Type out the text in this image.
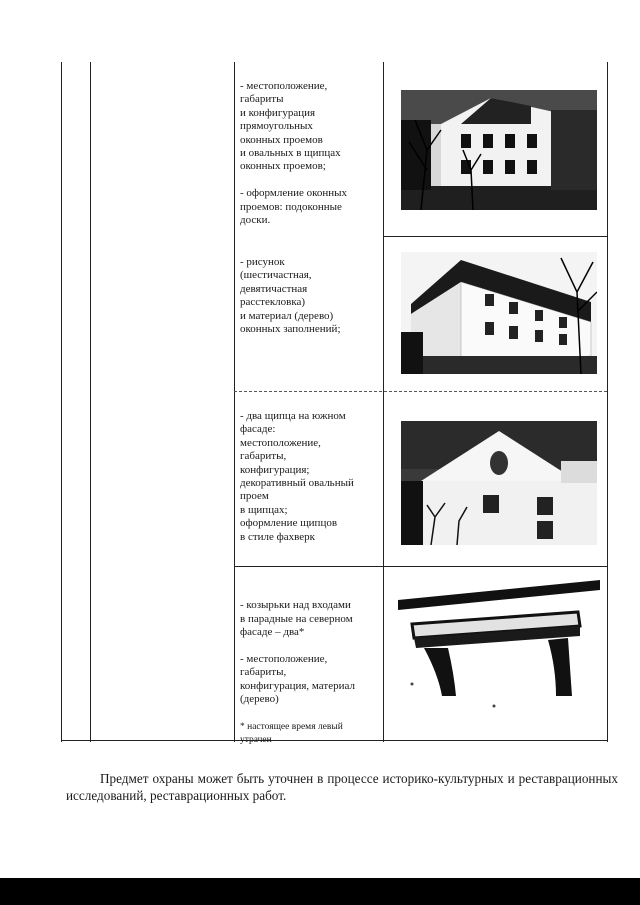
- местоположение,
габариты
и конфигурация
прямоугольных
оконных проемов
и овальных в щипцах
оконных проемов;

- оформление оконных
проемов: подоконные
доски.
- рисунок
(шестичастная,
девятичастная
расстекловка)
и материал (дерево)
оконных заполнений;
- два щипца на южном
фасаде:
местоположение,
габариты,
конфигурация;
декоративный овальный
проем
в щипцах;
оформление щипцов
в стиле фахверк

- козырьки над входами
в парадные на северном
фасаде – два*

- местоположение,
габариты,
конфигурация, материал
(дерево)

* настоящее время левый
утрачен

Предмет охраны может быть уточнен в процессе историко-культурных и реставрационных исследований, реставрационных работ.
